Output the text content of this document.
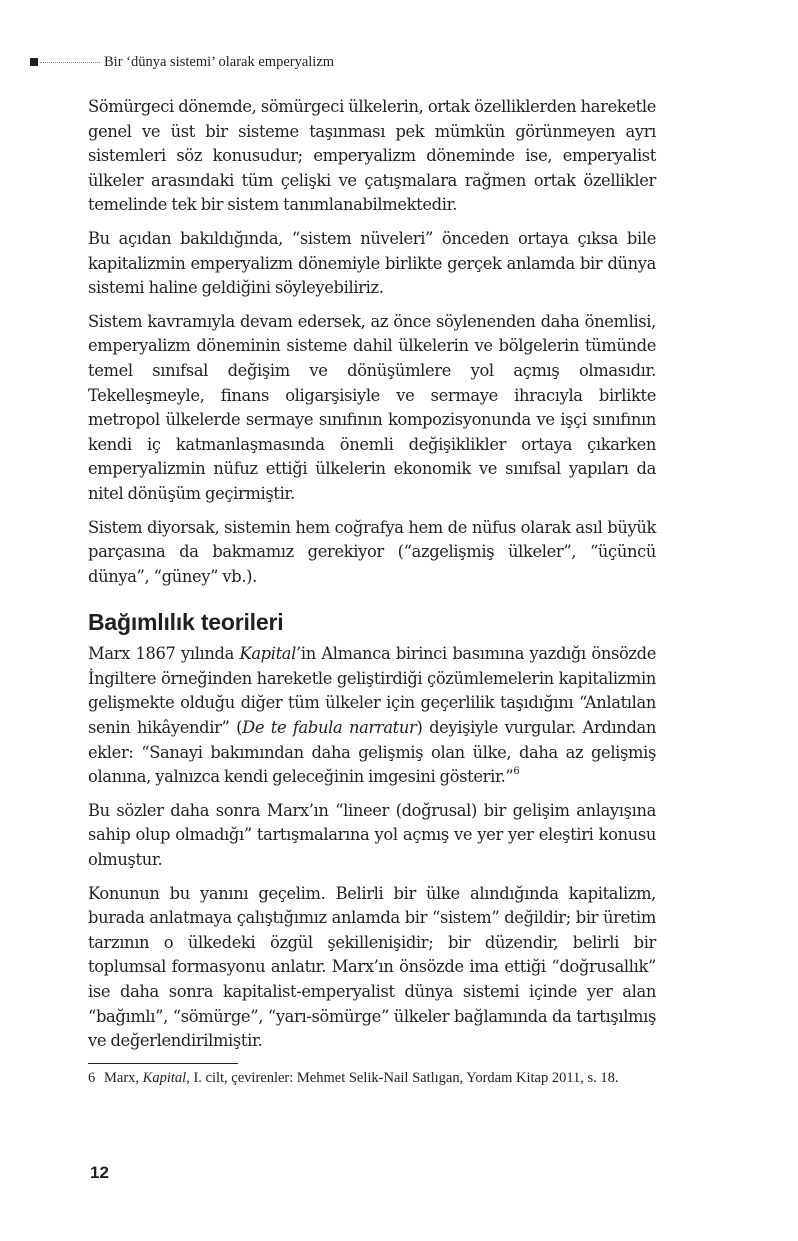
Bir ‘dünya sistemi’ olarak emperyalizm

Sömürgeci dönemde, sömürgeci ülkelerin, ortak özelliklerden hareketle genel ve üst bir sisteme taşınması pek mümkün görünmeyen ayrı sistemleri söz konusudur; emperyalizm döneminde ise, emperyalist ülkeler arasındaki tüm çelişki ve çatışmalara rağmen ortak özellikler temelinde tek bir sistem tanımlanabilmektedir.

Bu açıdan bakıldığında, “sistem nüveleri” önceden ortaya çıksa bile kapitalizmin emperyalizm dönemiyle birlikte gerçek anlamda bir dünya sistemi haline geldiğini söyleyebiliriz.

Sistem kavramıyla devam edersek, az önce söylenenden daha önemlisi, emperyalizm döneminin sisteme dahil ülkelerin ve bölgelerin tümünde temel sınıfsal değişim ve dönüşümlere yol açmış olmasıdır. Tekelleşmeyle, finans oligarşisiyle ve sermaye ihracıyla birlikte metropol ülkelerde sermaye sınıfının kompozisyonunda ve işçi sınıfının kendi iç katmanlaşmasında önemli değişiklikler ortaya çıkarken emperyalizmin nüfuz ettiği ülkelerin ekonomik ve sınıfsal yapıları da nitel dönüşüm geçirmiştir.

Sistem diyorsak, sistemin hem coğrafya hem de nüfus olarak asıl büyük parçasına da bakmamız gerekiyor (“azgelişmiş ülkeler”, “üçüncü dünya”, “güney” vb.).

Bağımlılık teorileri

Marx 1867 yılında Kapital’in Almanca birinci basımına yazdığı önsözde İngiltere örneğinden hareketle geliştirdiği çözümlemelerin kapitalizmin gelişmekte olduğu diğer tüm ülkeler için geçerlilik taşıdığını “Anlatılan senin hikâyendir” (De te fabula narratur) deyişiyle vurgular. Ardından ekler: “Sanayi bakımından daha gelişmiş olan ülke, daha az gelişmiş olanına, yalnızca kendi geleceğinin imgesini gösterir.”$^6$

Bu sözler daha sonra Marx’ın “lineer (doğrusal) bir gelişim anlayışına sahip olup olmadığı” tartışmalarına yol açmış ve yer yer eleştiri konusu olmuştur.

Konunun bu yanını geçelim. Belirli bir ülke alındığında kapitalizm, burada anlatmaya çalıştığımız anlamda bir “sistem” değildir; bir üretim tarzının o ülkedeki özgül şekillenişidir; bir düzendir, belirli bir toplumsal formasyonu anlatır. Marx’ın önsözde ima ettiği “doğrusallık” ise daha sonra kapitalist-emperyalist dünya sistemi içinde yer alan “bağımlı”, “sömürge”, “yarı-sömürge” ülkeler bağlamında da tartışılmış ve değerlendirilmiştir.

6 Marx, Kapital, I. cilt, çevirenler: Mehmet Selik-Nail Satlıgan, Yordam Kitap 2011, s. 18.
12
